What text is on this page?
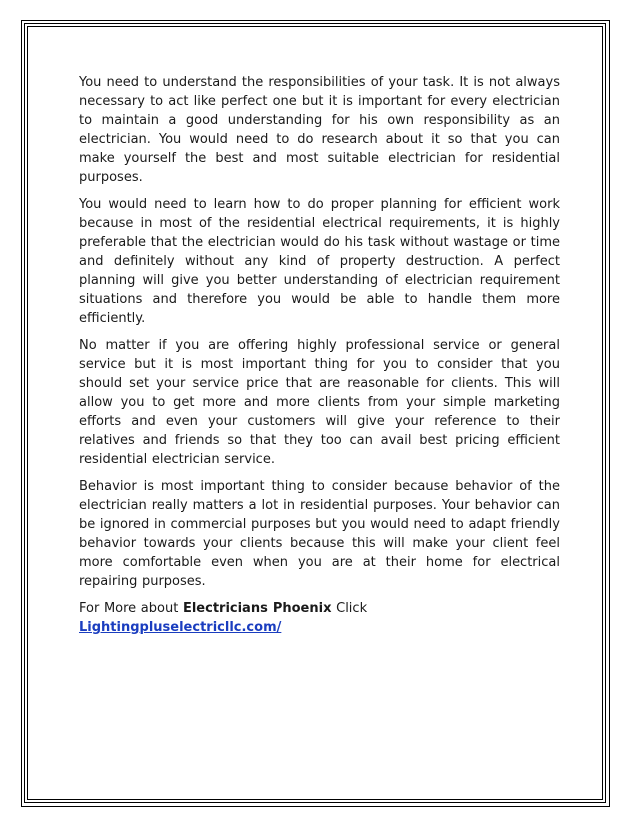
You need to understand the responsibilities of your task. It is not always necessary to act like perfect one but it is important for every electrician to maintain a good understanding for his own responsibility as an electrician. You would need to do research about it so that you can make yourself the best and most suitable electrician for residential purposes.

You would need to learn how to do proper planning for efficient work because in most of the residential electrical requirements, it is highly preferable that the electrician would do his task without wastage or time and definitely without any kind of property destruction. A perfect planning will give you better understanding of electrician requirement situations and therefore you would be able to handle them more efficiently.

No matter if you are offering highly professional service or general service but it is most important thing for you to consider that you should set your service price that are reasonable for clients. This will allow you to get more and more clients from your simple marketing efforts and even your customers will give your reference to their relatives and friends so that they too can avail best pricing efficient residential electrician service.

Behavior is most important thing to consider because behavior of the electrician really matters a lot in residential purposes. Your behavior can be ignored in commercial purposes but you would need to adapt friendly behavior towards your clients because this will make your client feel more comfortable even when you are at their home for electrical repairing purposes.

For More about Electricians Phoenix Click Lightingpluselectricllc.com/
